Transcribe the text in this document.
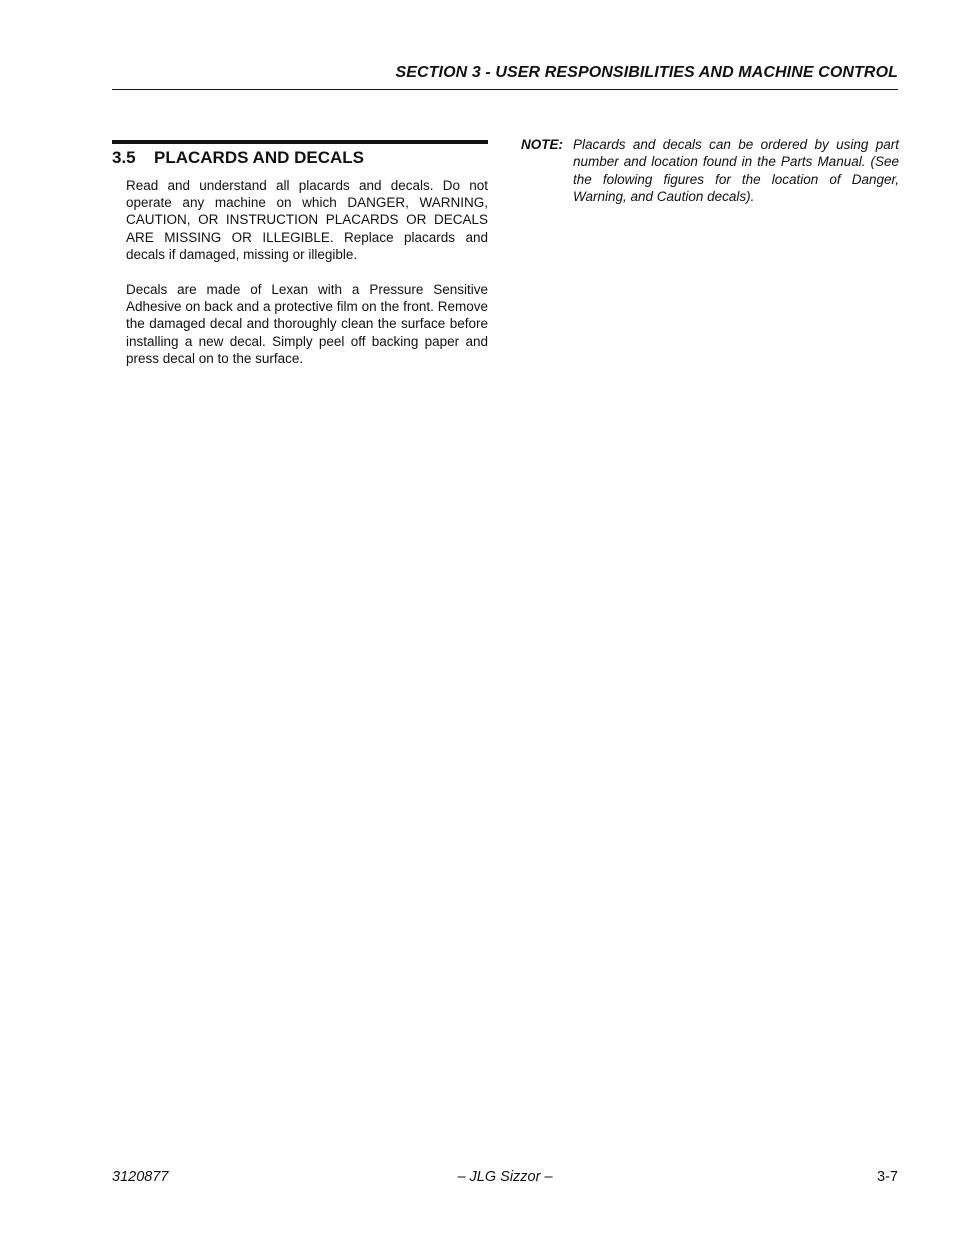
SECTION 3 - USER RESPONSIBILITIES AND MACHINE CONTROL
3.5 PLACARDS AND DECALS

Read and understand all placards and decals. Do not operate any machine on which DANGER, WARNING, CAUTION, OR INSTRUCTION PLACARDS OR DECALS ARE MISSING OR ILLEGIBLE. Replace placards and decals if damaged, missing or illegible.

Decals are made of Lexan with a Pressure Sensitive Adhesive on back and a protective film on the front. Remove the damaged decal and thoroughly clean the surface before installing a new decal. Simply peel off backing paper and press decal on to the surface.

NOTE: Placards and decals can be ordered by using part number and location found in the Parts Manual. (See the folowing figures for the location of Danger, Warning, and Caution decals).
3120877	– JLG Sizzor –	3-7
